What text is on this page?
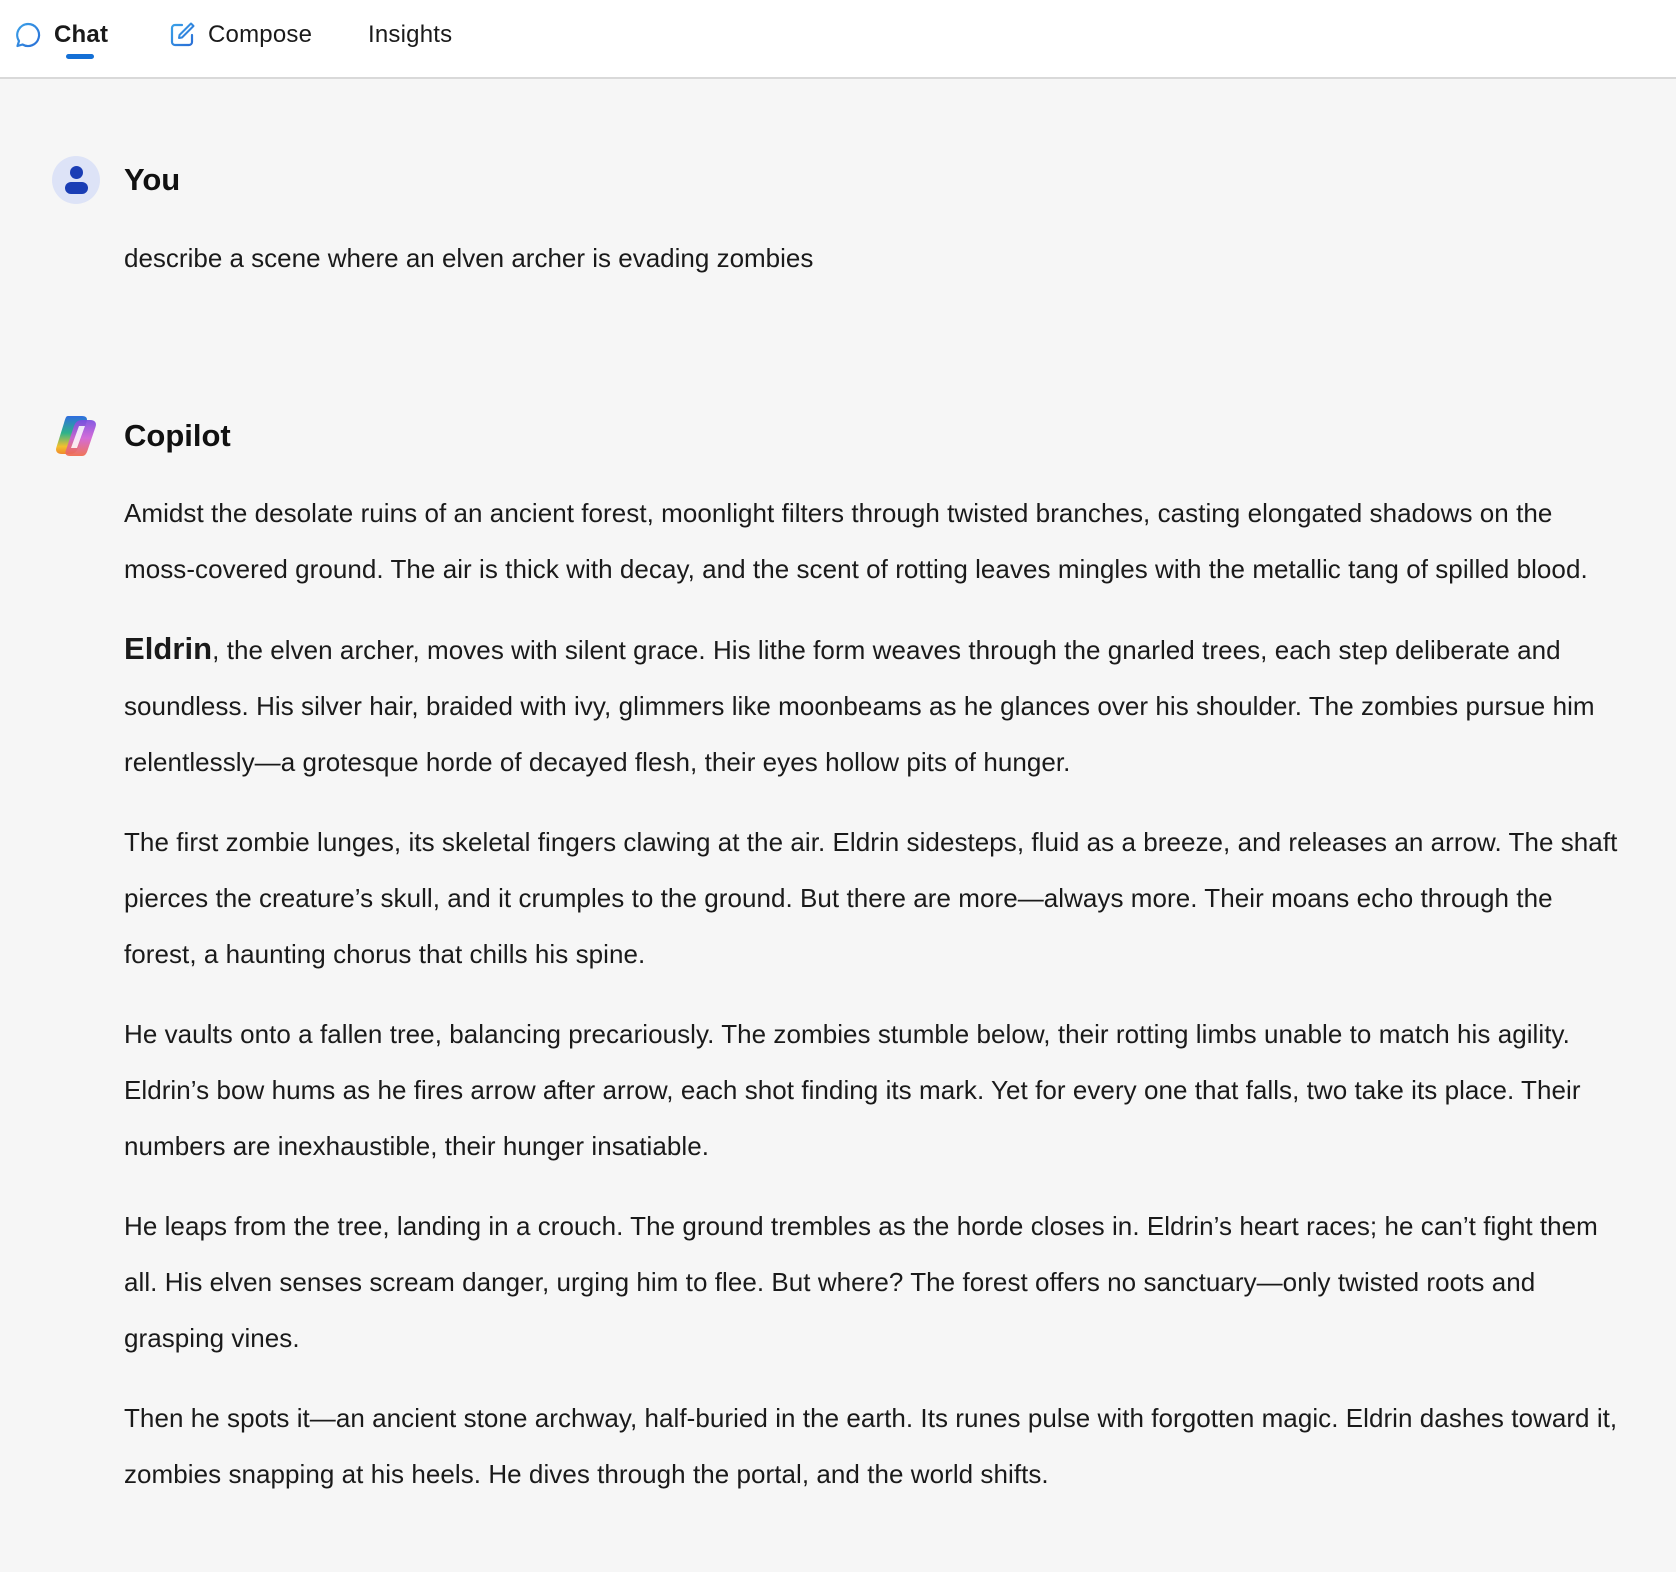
Chat	Compose Insights
You
describe a scene where an elven archer is evading zombies
Copilot

Amidst the desolate ruins of an ancient forest, moonlight filters through twisted branches, casting elongated shadows on the moss-covered ground. The air is thick with decay, and the scent of rotting leaves mingles with the metallic tang of spilled blood.

Eldrin, the elven archer, moves with silent grace. His lithe form weaves through the gnarled trees, each step deliberate and soundless. His silver hair, braided with ivy, glimmers like moonbeams as he glances over his shoulder. The zombies pursue him relentlessly—a grotesque horde of decayed flesh, their eyes hollow pits of hunger.

The first zombie lunges, its skeletal fingers clawing at the air. Eldrin sidesteps, fluid as a breeze, and releases an arrow. The shaft pierces the creature’s skull, and it crumples to the ground. But there are more—always more. Their moans echo through the forest, a haunting chorus that chills his spine.

He vaults onto a fallen tree, balancing precariously. The zombies stumble below, their rotting limbs unable to match his agility. Eldrin’s bow hums as he fires arrow after arrow, each shot finding its mark. Yet for every one that falls, two take its place. Their numbers are inexhaustible, their hunger insatiable.

He leaps from the tree, landing in a crouch. The ground trembles as the horde closes in. Eldrin’s heart races; he can’t fight them all. His elven senses scream danger, urging him to flee. But where? The forest offers no sanctuary—only twisted roots and grasping vines.

Then he spots it—an ancient stone archway, half-buried in the earth. Its runes pulse with forgotten magic. Eldrin dashes toward it, zombies snapping at his heels. He dives through the portal, and the world shifts.
